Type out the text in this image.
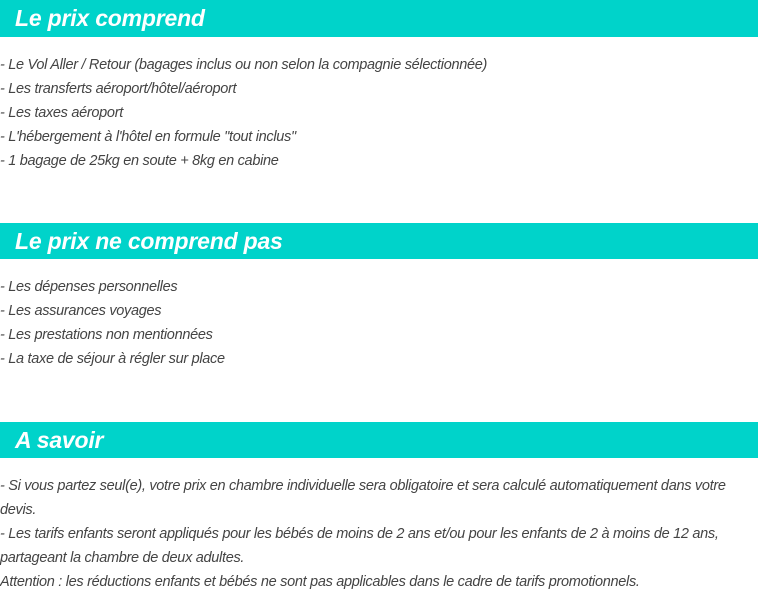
Le prix comprend
- Le Vol Aller / Retour (bagages inclus ou non selon la compagnie sélectionnée)
- Les transferts aéroport/hôtel/aéroport
- Les taxes aéroport
- L'hébergement à l'hôtel en formule "tout inclus"
- 1 bagage de 25kg en soute + 8kg en cabine
Le prix ne comprend pas
- Les dépenses personnelles
- Les assurances voyages
- Les prestations non mentionnées
- La taxe de séjour à régler sur place
A savoir
- Si vous partez seul(e), votre prix en chambre individuelle sera obligatoire et sera calculé automatiquement dans votre devis.
- Les tarifs enfants seront appliqués pour les bébés de moins de 2 ans et/ou pour les enfants de 2 à moins de 12 ans, partageant la chambre de deux adultes.
Attention : les réductions enfants et bébés ne sont pas applicables dans le cadre de tarifs promotionnels.
